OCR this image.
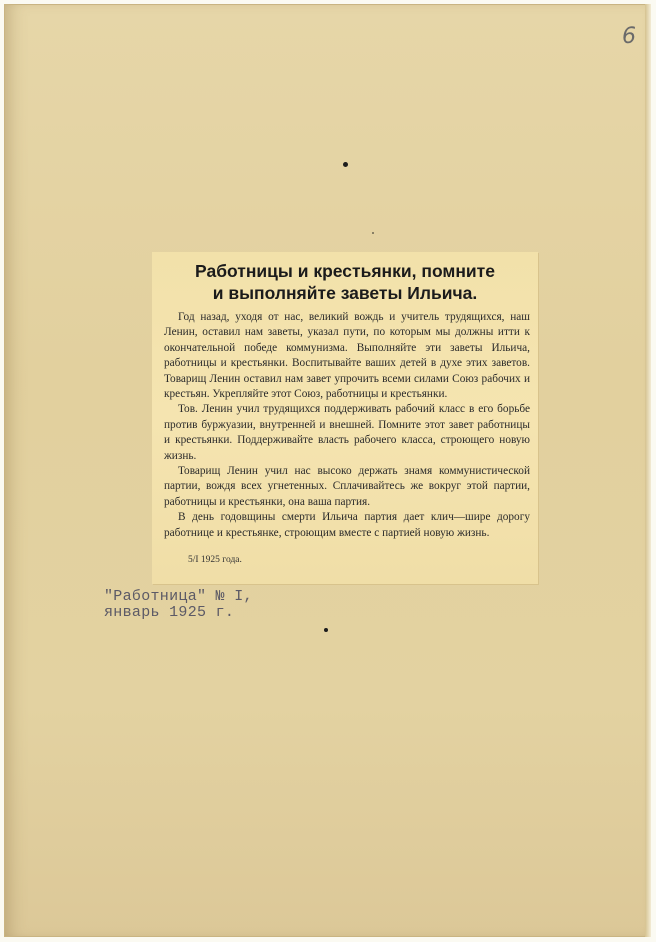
6
Работницы и крестьянки, помните
и выполняйте заветы Ильича.

Год назад, уходя от нас, великий вождь и учитель трудящихся, наш Ленин, оставил нам заветы, указал пути, по которым мы должны итти к окончательной победе коммунизма. Выполняйте эти заветы Ильича, работницы и крестьянки. Воспитывайте ваших детей в духе этих заветов. Товарищ Ленин оставил нам завет упрочить всеми силами Союз рабочих и крестьян. Укрепляйте этот Союз, работницы и крестьянки.

Тов. Ленин учил трудящихся поддерживать рабочий класс в его борьбе против буржуазии, внутренней и внешней. Помните этот завет работницы и крестьянки. Поддерживайте власть рабочего класса, строющего новую жизнь.

Товарищ Ленин учил нас высоко держать знамя коммунистической партии, вождя всех угнетенных. Сплачивайтесь же вокруг этой партии, работницы и крестьянки, она ваша партия.

В день годовщины смерти Ильича партия дает клич—шире дорогу работнице и крестьянке, строющим вместе с партией новую жизнь.

5/I 1925 года.
"Работница" № I,
январь 1925 г.
